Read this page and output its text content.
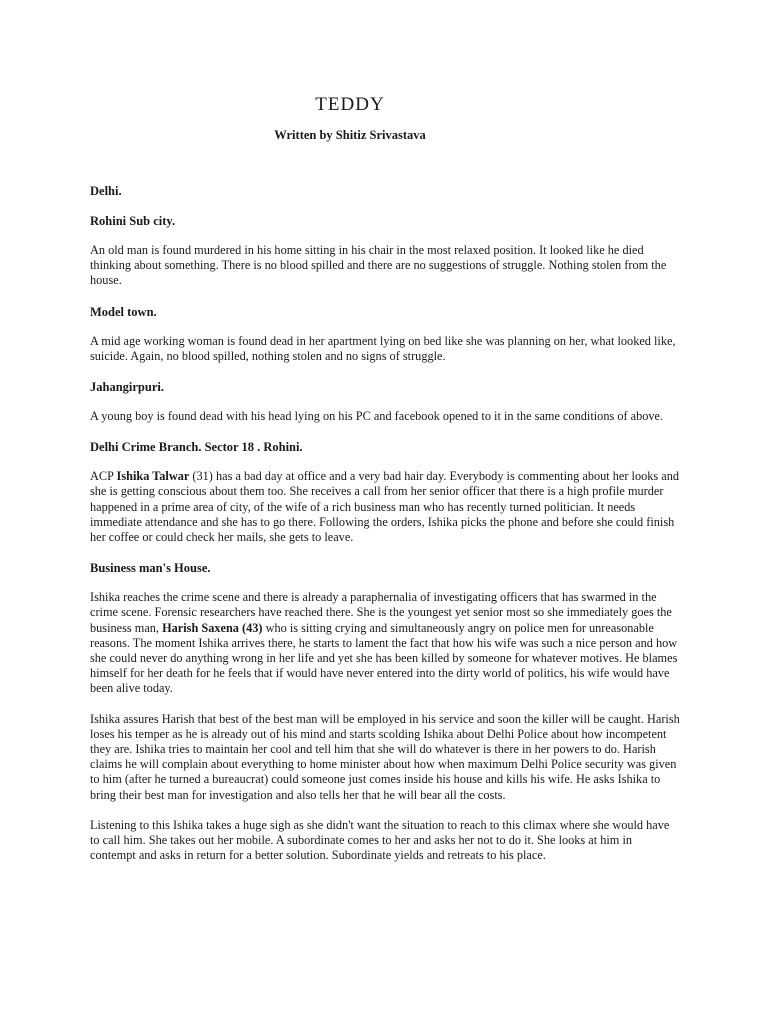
TEDDY
Written by Shitiz Srivastava
Delhi.
Rohini Sub city.
An old man is found murdered in his home sitting in his chair in the most relaxed position. It looked like he died thinking about something. There is no blood spilled and there are no suggestions of struggle. Nothing stolen from the house.
Model town.
A mid age working woman is found dead in her apartment lying on bed like she was planning on her, what looked like, suicide. Again, no blood spilled, nothing stolen and no signs of struggle.
Jahangirpuri.
A young boy is found dead with his head lying on his PC and facebook opened to it in the same conditions of above.
Delhi Crime Branch. Sector 18 . Rohini.
ACP Ishika Talwar (31) has a bad day at office and a very bad hair day. Everybody is commenting about her looks and she is getting conscious about them too. She receives a call from her senior officer that there is a high profile murder happened in a prime area of city, of the wife of a rich business man who has recently turned politician. It needs immediate attendance and she has to go there. Following the orders, Ishika picks the phone and before she could finish her coffee or could check her mails, she gets to leave.
Business man's House.
Ishika reaches the crime scene and there is already a paraphernalia of investigating officers that has swarmed in the crime scene. Forensic researchers have reached there. She is the youngest yet senior most so she immediately goes the business man, Harish Saxena (43) who is sitting crying and simultaneously angry on police men for unreasonable reasons. The moment Ishika arrives there, he starts to lament the fact that how his wife was such a nice person and how she could never do anything wrong in her life and yet she has been killed by someone for whatever motives. He blames himself for her death for he feels that if would have never entered into the dirty world of politics, his wife would have been alive today.
Ishika assures Harish that best of the best man will be employed in his service and soon the killer will be caught. Harish loses his temper as he is already out of his mind and starts scolding Ishika about Delhi Police about how incompetent they are. Ishika tries to maintain her cool and tell him that she will do whatever is there in her powers to do. Harish claims he will complain about everything to home minister about how when maximum Delhi Police security was given to him (after he turned a bureaucrat) could someone just comes inside his house and kills his wife. He asks Ishika to bring their best man for investigation and also tells her that he will bear all the costs.
Listening to this Ishika takes a huge sigh as she didn't want the situation to reach to this climax where she would have to call him. She takes out her mobile. A subordinate comes to her and asks her not to do it. She looks at him in contempt and asks in return for a better solution. Subordinate yields and retreats to his place.
